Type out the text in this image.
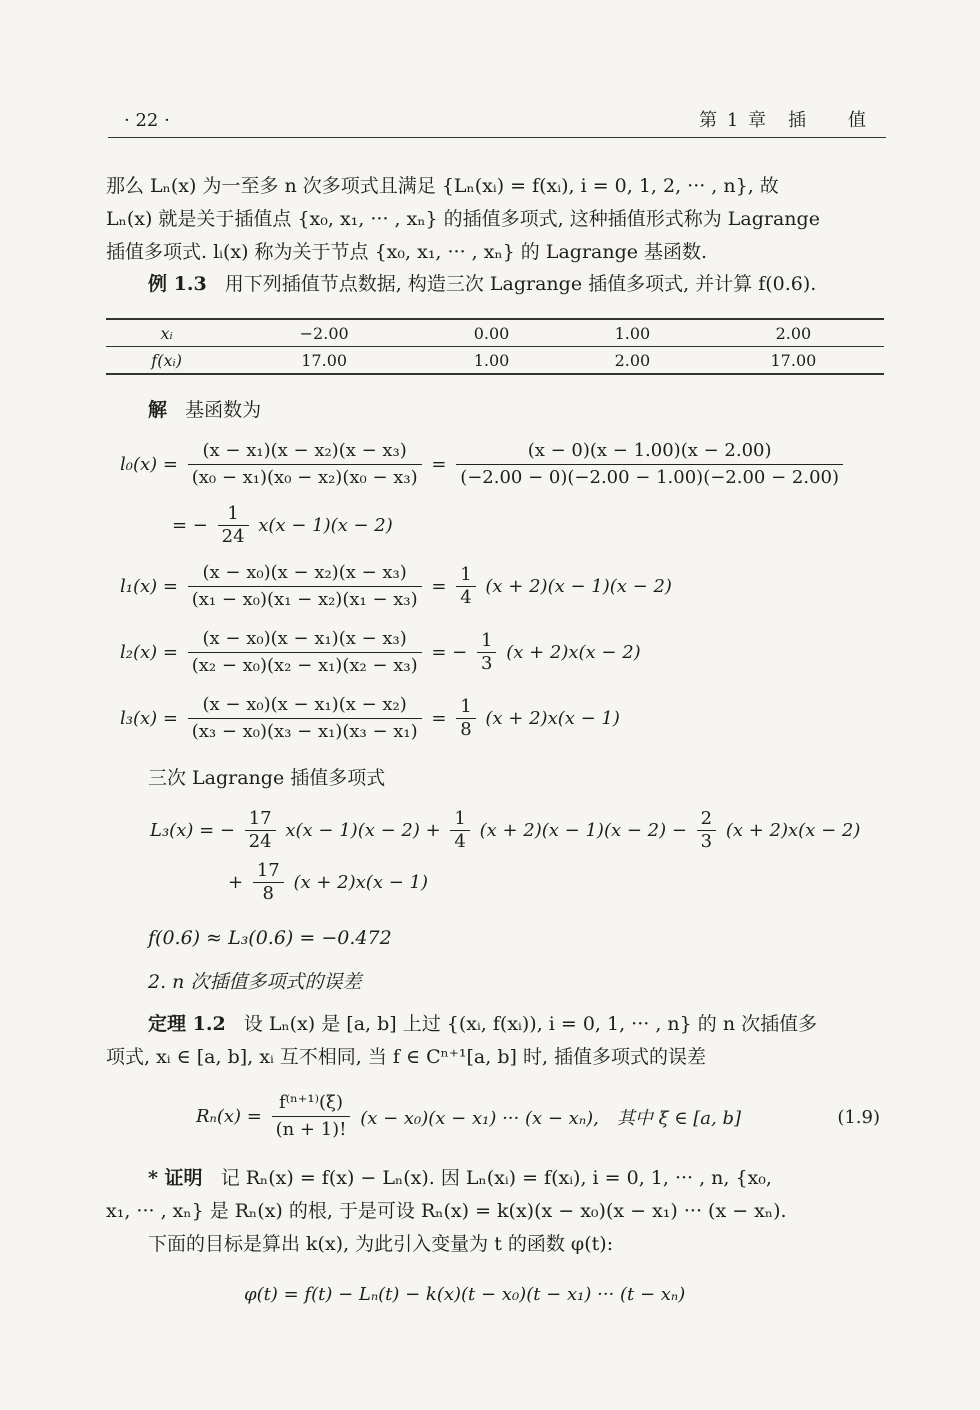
· 22 ·	第 1 章　插　　值
那么 Lₙ(x) 为一至多 n 次多项式且满足 {Lₙ(xᵢ) = f(xᵢ), i = 0, 1, 2, ··· , n}, 故
Lₙ(x) 就是关于插值点 {x₀, x₁, ··· , xₙ} 的插值多项式, 这种插值形式称为 Lagrange
插值多项式. lᵢ(x) 称为关于节点 {x₀, x₁, ··· , xₙ} 的 Lagrange 基函数.
例 1.3 用下列插值节点数据, 构造三次 Lagrange 插值多项式, 并计算 f(0.6).
xᵢ	−2.00	0.00	1.00	2.00
f(xᵢ)	17.00	1.00	2.00	17.00
解 基函数为
$l_0(x) = \frac{\text{(x − x₁)(x − x₂)(x − x₃)}}{\text{(x₀ − x₁)(x₀ − x₂)(x₀ − x₃)}} = \frac{(x - 0)(x - 1.00)(x - 2.00)}{(-2.00 - 0)(-2.00 - 1.00)(-2.00 - 2.00)}$
= − $\frac{1}{24} x(x - 1)(x - 2)$
$l_1(x) = \frac{\text{(x − x₀)(x − x₂)(x − x₃)}}{\text{(x₁ − x₀)(x₁ − x₂)(x₁ − x₃)}} = \frac{1}{4} (x + 2)(x - 1)(x - 2)$
$l_2(x) = \frac{\text{(x − x₀)(x − x₁)(x − x₃)}}{\text{(x₂ − x₀)(x₂ − x₁)(x₂ − x₃)}}$ = − $\frac{1}{3} (x + 2)x(x - 2)$
$l_3(x) = \frac{\text{(x − x₀)(x − x₁)(x − x₂)}}{\text{(x₃ − x₀)(x₃ − x₁)(x₃ − x₁)}} = \frac{1}{8} (x + 2)x(x - 1)$
三次 Lagrange 插值多项式
L₃(x) = − $\frac{17}{24} x(x - 1)(x - 2) + \frac{1}{4} (x + 2)(x - 1)(x - 2) - \frac{2}{3} (x + 2)x(x - 2)$
+ $\frac{17}{8} (x + 2)x(x - 1)$
f(0.6) ≈ L₃(0.6) = −0.472
2. n 次插值多项式的误差
定理 1.2 设 Lₙ(x) 是 [a, b] 上过 {(xᵢ, f(xᵢ)), i = 0, 1, ··· , n} 的 n 次插值多
项式, xᵢ ∈ [a, b], xᵢ 互不相同, 当 f ∈ Cⁿ⁺¹[a, b] 时, 插值多项式的误差
$R_n(x) = \frac{\text{f⁽ⁿ⁺¹⁾(ξ)}}{(n + 1)!} (x - x_0)(x - x_1)$ ··· (x − xₙ),　其中 ξ ∈ [a, b]	(1.9)
* 证明 记 Rₙ(x) = f(x) − Lₙ(x). 因 Lₙ(xᵢ) = f(xᵢ), i = 0, 1, ··· , n, {x₀,
x₁, ··· , xₙ} 是 Rₙ(x) 的根, 于是可设 Rₙ(x) = k(x)(x − x₀)(x − x₁) ··· (x − xₙ).
下面的目标是算出 k(x), 为此引入变量为 t 的函数 φ(t):
φ(t) = f(t) − Lₙ(t) − k(x)(t − x₀)(t − x₁) ··· (t − xₙ)
